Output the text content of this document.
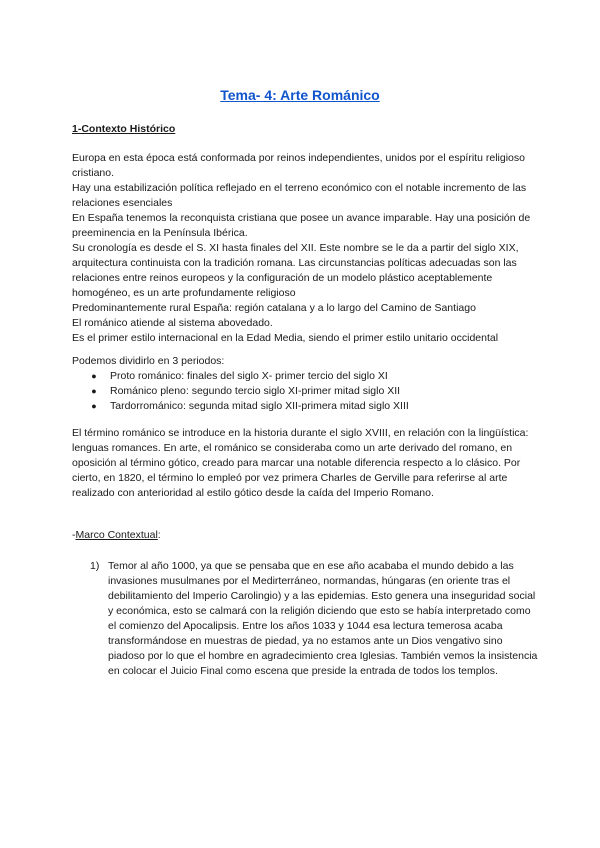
Tema- 4: Arte Románico
1-Contexto Histórico

Europa en esta época está conformada por reinos independientes, unidos por el espíritu religioso cristiano.

Hay una estabilización política reflejado en el terreno económico con el notable incremento de las relaciones esenciales

En España tenemos la reconquista cristiana que posee un avance imparable. Hay una posición de preeminencia en la Península Ibérica.

Su cronología es desde el S. XI hasta finales del XII. Este nombre se le da a partir del siglo XIX, arquitectura continuista con la tradición romana. Las circunstancias políticas adecuadas son las relaciones entre reinos europeos y la configuración de un modelo plástico aceptablemente homogéneo, es un arte profundamente religioso

Predominantemente rural España: región catalana y a lo largo del Camino de Santiago

El románico atiende al sistema abovedado.

Es el primer estilo internacional en la Edad Media, siendo el primer estilo unitario occidental

Podemos dividirlo en 3 periodos:

●	Proto románico: finales del siglo X- primer tercio del siglo XI
●	Románico pleno: segundo tercio siglo XI-primer mitad siglo XII
●	Tardorrománico: segunda mitad siglo XII-primera mitad siglo XIII

El término románico se introduce en la historia durante el siglo XVIII, en relación con la lingüística: lenguas romances. En arte, el románico se consideraba como un arte derivado del romano, en oposición al término gótico, creado para marcar una notable diferencia respecto a lo clásico. Por cierto, en 1820, el término lo empleó por vez primera Charles de Gerville para referirse al arte realizado con anterioridad al estilo gótico desde la caída del Imperio Romano.

-Marco Contextual:

1) Temor al año 1000, ya que se pensaba que en ese año acababa el mundo debido a las invasiones musulmanes por el Medirterráneo, normandas, húngaras (en oriente tras el debilitamiento del Imperio Carolingio) y a las epidemias. Esto genera una inseguridad social y económica, esto se calmará con la religión diciendo que esto se había interpretado como el comienzo del Apocalipsis. Entre los años 1033 y 1044 esa lectura temerosa acaba transformándose en muestras de piedad, ya no estamos ante un Dios vengativo sino piadoso por lo que el hombre en agradecimiento crea Iglesias. También vemos la insistencia en colocar el Juicio Final como escena que preside la entrada de todos los templos.
